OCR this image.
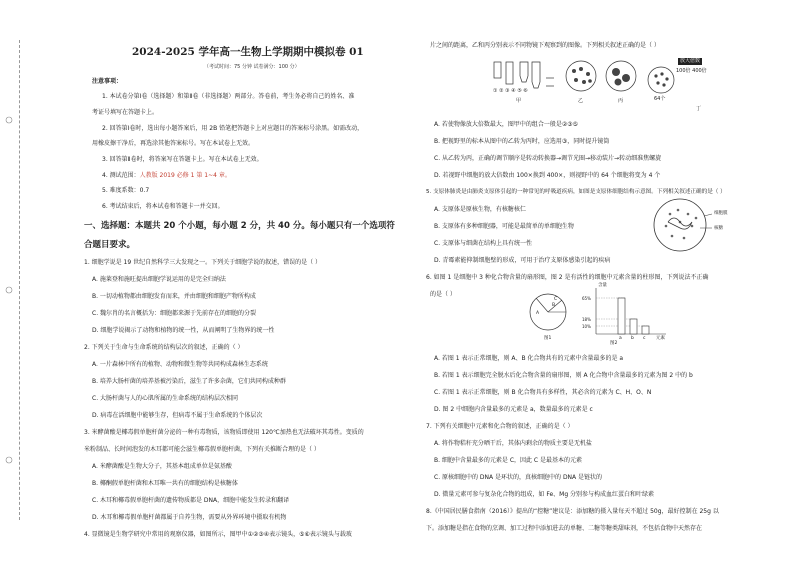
2024-2025 学年高一生物上学期期中模拟卷 01
（考试时间：75 分钟 试卷满分：100 分）
注意事项：
1. 本试卷分第Ⅰ卷（选择题）和第Ⅱ卷（非选择题）两部分。答卷前，考生务必将自己的姓名、准
考证号填写在答题卡上。
2. 回答第Ⅰ卷时，选出每小题答案后，用 2B 铅笔把答题卡上对应题目的答案标号涂黑。如需改动，
用橡皮擦干净后，再选涂其他答案标号。写在本试卷上无效。
3. 回答第Ⅱ卷时，将答案写在答题卡上。写在本试卷上无效。
4. 测试范围：人教版 2019 必修 1 第 1~4 章。
5. 难度系数：0.7
6. 考试结束后，将本试卷和答题卡一并交回。
一、选择题：本题共 20 个小题，每小题 2 分，共 40 分。每小题只有一个选项符
合题目要求。
1. 细胞学说是 19 世纪自然科学三大发现之一。下列关于细胞学说的叙述，错误的是（ ）
A. 施莱登和施旺提出细胞学说运用的是完全归纳法
B. 一切动植物都由细胞发育而来，并由细胞和细胞产物所构成
C. 魏尔肖的名言概括为：细胞都来源于先前存在的细胞的分裂
D. 细胞学说揭示了动物和植物的统一性，从而阐明了生物界的统一性
2. 下列关于生命与生命系统的结构层次的叙述，正确的（ ）
A. 一片森林中所有的植物、动物和微生物等共同构成森林生态系统
B. 培养大肠杆菌的培养基被污染后，滋生了许多杂菌，它们共同构成种群
C. 大肠杆菌与人的心肌所属的生命系统的结构层次相同
D. 病毒在活细胞中能够生存，但病毒不属于生命系统的个体层次
3. 米酵菌酸是椰毒假单胞杆菌分泌的一种有毒物质，该物质即使用 120℃加热也无法破坏其毒性。变质的
米粉制品、长时间泡发的木耳都可能会滋生椰毒假单胞杆菌，下列有关推断合理的是（ ）
A. 米酵菌酸是生物大分子，其基本组成单位是氨基酸
B. 椰酮假单胞杆菌和木耳唯一共有的细胞结构是核糖体
C. 木耳和椰毒假单胞杆菌的遗传物质都是 DNA，细胞中能发生转录和翻译
D. 木耳和椰毒假单胞杆菌都属于自养生物，需要从外界环境中摄取有机物
4. 显微镜是生物学研究中常用的观察仪器，如图所示，图甲中①②③④表示镜头，⑤⑥表示镜头与载玻
片之间的距离，乙和丙分别表示不同物镜下观察到的图像。下列相关叙述正确的是（ ）
① ② ③ ④ ⑤ ⑥
甲	乙	丙
丁
放大倍数
100倍 400倍
64个
A. 若使物像放大倍数最大，图甲中的组合一般是②③⑤
B. 把视野里的标本从图中的乙转为丙时，应选用③，同时提升镜筒
C. 从乙转为丙，正确的调节顺序是转动转换器→调节光圈→移动装片→转动细准焦螺旋
D. 若视野中细胞的放大倍数由 100×换到 400×，则视野中的 64 个细胞将变为 4 个
5. 支原体肺炎是由肺炎支原体引起的一种常见的呼吸道疾病，如图是支原体细胞结构示意图。下列相关叙述正确的是（ ）
A. 支原体是原核生物，有核糖核仁
B. 支原体有多种细胞器，可能是最简单的单细胞生物
C. 支原体与细菌在结构上具有统一性
D. 青霉素能抑制细胞壁的形成，可用于治疗支原体感染引起的疾病
细胞膜
核糖
6. 如图 1 是细胞中 3 种化合物含量的扇形图，图 2 是有活性的细胞中元素含量的柱形图，下列说法不正确
的是（ ）
A
B
C
图1
含量
65%
18%
10%
a b c 元素
图2
A. 若图 1 表示正常细胞，则 A、B 化合物共有的元素中含量最多的是 a
B. 若图 1 表示细胞完全脱水后化合物含量的扇形图，则 A 化合物中含量最多的元素为图 2 中的 b
C. 若图 1 表示正常细胞，则 B 化合物具有多样性，其必含的元素为 C、H、O、N
D. 图 2 中细胞内含量最多的元素是 a，数量最多的元素是 c
7. 下列有关细胞中元素和化合物的叙述，正确的是（ ）
A. 将作物秸秆充分晒干后，其体内剩余的物质主要是无机盐
B. 细胞中含量最多的元素是 C，因此 C 是最基本的元素
C. 原核细胞中的 DNA 是环状的，真核细胞中的 DNA 是链状的
D. 微量元素可参与复杂化合物的组成，如 Fe、Mg 分别参与构成血红蛋白和叶绿素
8.《中国居民膳食指南（2016）》提出的“控糖”建议是：添加糖的摄入量每天不超过 50g，最好控制在 25g 以
下。添加糖是指在食物的烹调、加工过程中添加进去的单糖、二糖等糖类甜味剂，不包括食物中天然存在
